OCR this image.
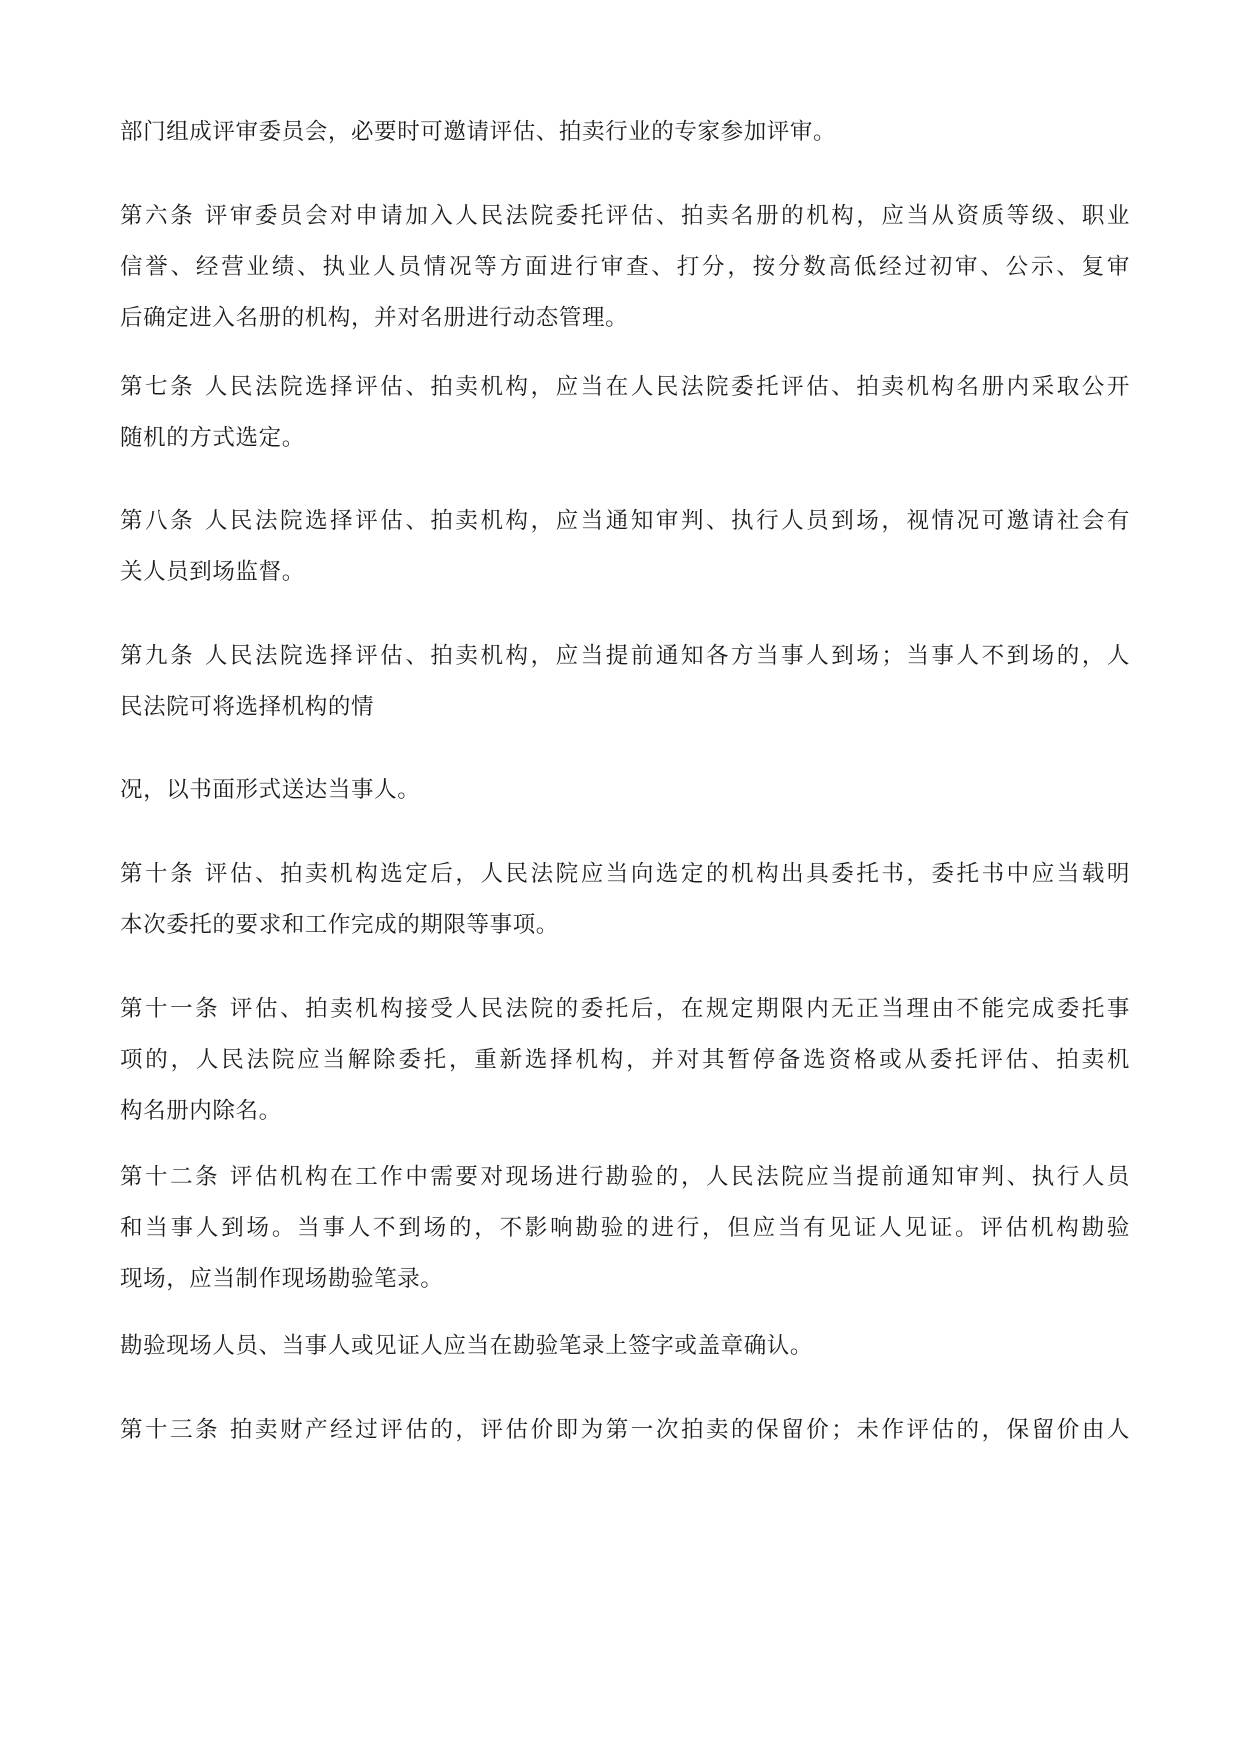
部门组成评审委员会，必要时可邀请评估、拍卖行业的专家参加评审。

第六条 评审委员会对申请加入人民法院委托评估、拍卖名册的机构，应当从资质等级、职业
信誉、经营业绩、执业人员情况等方面进行审查、打分，按分数高低经过初审、公示、复审
后确定进入名册的机构，并对名册进行动态管理。

第七条 人民法院选择评估、拍卖机构，应当在人民法院委托评估、拍卖机构名册内采取公开
随机的方式选定。

第八条 人民法院选择评估、拍卖机构，应当通知审判、执行人员到场，视情况可邀请社会有
关人员到场监督。

第九条 人民法院选择评估、拍卖机构，应当提前通知各方当事人到场；当事人不到场的，人
民法院可将选择机构的情

况，以书面形式送达当事人。

第十条 评估、拍卖机构选定后，人民法院应当向选定的机构出具委托书，委托书中应当载明
本次委托的要求和工作完成的期限等事项。

第十一条 评估、拍卖机构接受人民法院的委托后，在规定期限内无正当理由不能完成委托事
项的，人民法院应当解除委托，重新选择机构，并对其暂停备选资格或从委托评估、拍卖机
构名册内除名。

第十二条 评估机构在工作中需要对现场进行勘验的，人民法院应当提前通知审判、执行人员
和当事人到场。当事人不到场的，不影响勘验的进行，但应当有见证人见证。评估机构勘验
现场，应当制作现场勘验笔录。

勘验现场人员、当事人或见证人应当在勘验笔录上签字或盖章确认。

第十三条 拍卖财产经过评估的，评估价即为第一次拍卖的保留价；未作评估的，保留价由人
